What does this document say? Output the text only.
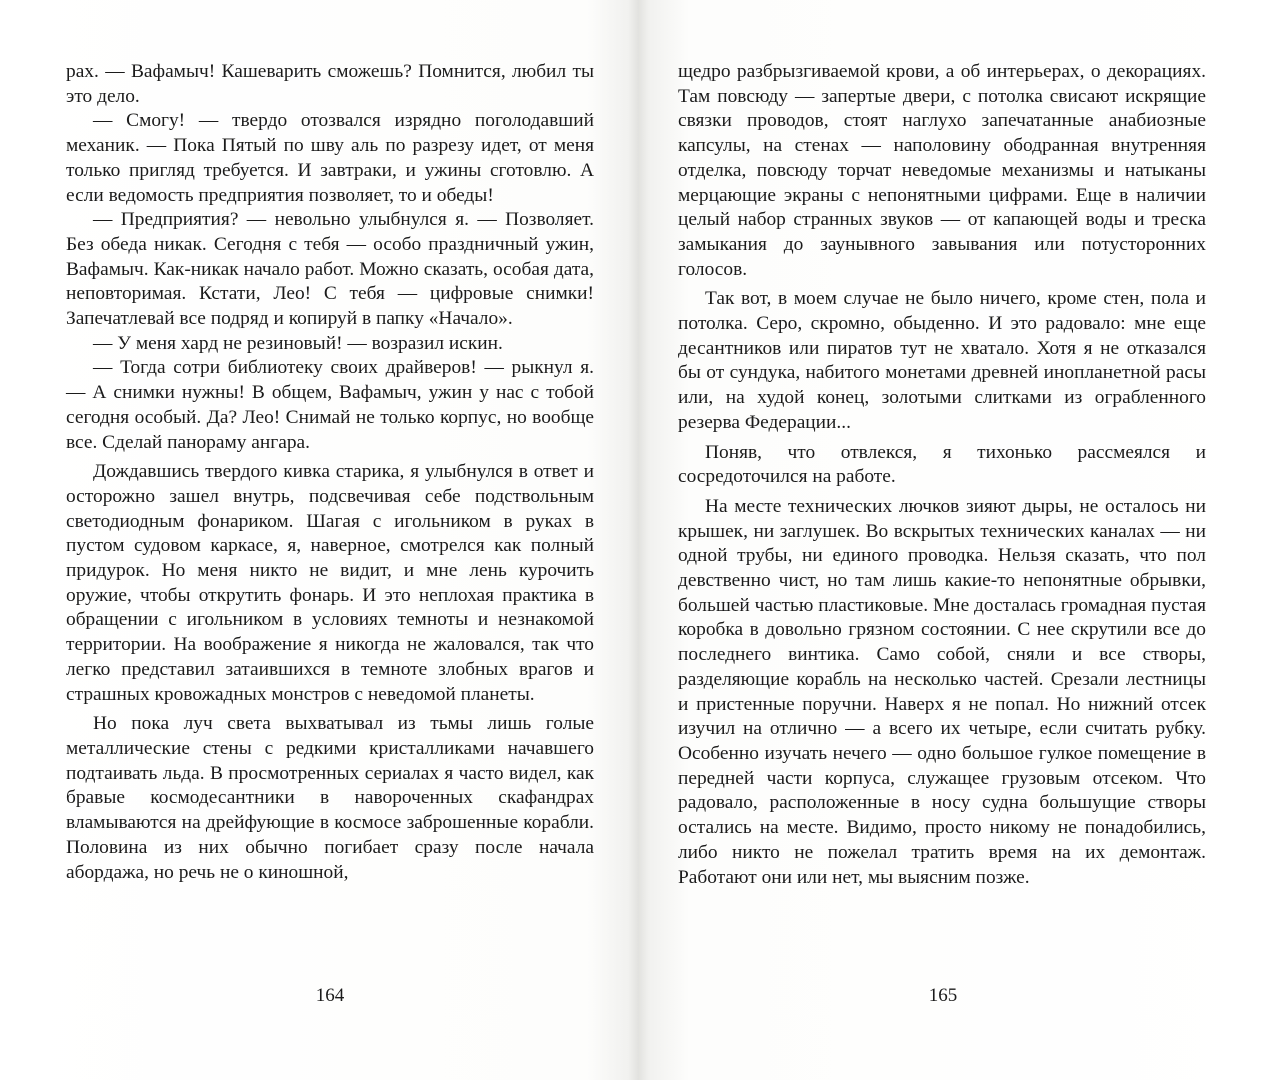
рах. — Вафамыч! Кашеварить сможешь? Помнится, любил ты это дело.

— Смогу! — твердо отозвался изрядно поголодавший механик. — Пока Пятый по шву аль по разрезу идет, от меня только пригляд требуется. И завтраки, и ужины сготовлю. А если ведомость предприятия позволяет, то и обеды!

— Предприятия? — невольно улыбнулся я. — Позволяет. Без обеда никак. Сегодня с тебя — особо праздничный ужин, Вафамыч. Как-никак начало работ. Можно сказать, особая дата, неповторимая. Кстати, Лео! С тебя — цифровые снимки! Запечатлевай все подряд и копируй в папку «Начало».

— У меня хард не резиновый! — возразил искин.

— Тогда сотри библиотеку своих драйверов! — рыкнул я. — А снимки нужны! В общем, Вафамыч, ужин у нас с тобой сегодня особый. Да? Лео! Снимай не только корпус, но вообще все. Сделай панораму ангара.

Дождавшись твердого кивка старика, я улыбнулся в ответ и осторожно зашел внутрь, подсвечивая себе подствольным светодиодным фонариком. Шагая с игольником в руках в пустом судовом каркасе, я, наверное, смотрелся как полный придурок. Но меня никто не видит, и мне лень курочить оружие, чтобы открутить фонарь. И это неплохая практика в обращении с игольником в условиях темноты и незнакомой территории. На воображение я никогда не жаловался, так что легко представил затаившихся в темноте злобных врагов и страшных кровожадных монстров с неведомой планеты.

Но пока луч света выхватывал из тьмы лишь голые металлические стены с редкими кристалликами начавшего подтаивать льда. В просмотренных сериалах я часто видел, как бравые космодесантники в навороченных скафандрах вламываются на дрейфующие в космосе заброшенные корабли. Половина из них обычно погибает сразу после начала абордажа, но речь не о киношной,

щедро разбрызгиваемой крови, а об интерьерах, о декорациях. Там повсюду — запертые двери, с потолка свисают искрящие связки проводов, стоят наглухо запечатанные анабиозные капсулы, на стенах — наполовину ободранная внутренняя отделка, повсюду торчат неведомые механизмы и натыканы мерцающие экраны с непонятными цифрами. Еще в наличии целый набор странных звуков — от капающей воды и треска замыкания до заунывного завывания или потусторонних голосов.

Так вот, в моем случае не было ничего, кроме стен, пола и потолка. Серо, скромно, обыденно. И это радовало: мне еще десантников или пиратов тут не хватало. Хотя я не отказался бы от сундука, набитого монетами древней инопланетной расы или, на худой конец, золотыми слитками из ограбленного резерва Федерации...

Поняв, что отвлекся, я тихонько рассмеялся и сосредоточился на работе.

На месте технических лючков зияют дыры, не осталось ни крышек, ни заглушек. Во вскрытых технических каналах — ни одной трубы, ни единого проводка. Нельзя сказать, что пол девственно чист, но там лишь какие-то непонятные обрывки, большей частью пластиковые. Мне досталась громадная пустая коробка в довольно грязном состоянии. С нее скрутили все до последнего винтика. Само собой, сняли и все створы, разделяющие корабль на несколько частей. Срезали лестницы и пристенные поручни. Наверх я не попал. Но нижний отсек изучил на отлично — а всего их четыре, если считать рубку. Особенно изучать нечего — одно большое гулкое помещение в передней части корпуса, служащее грузовым отсеком. Что радовало, расположенные в носу судна большущие створы остались на месте. Видимо, просто никому не понадобились, либо никто не пожелал тратить время на их демонтаж. Работают они или нет, мы выясним позже.

164	165
